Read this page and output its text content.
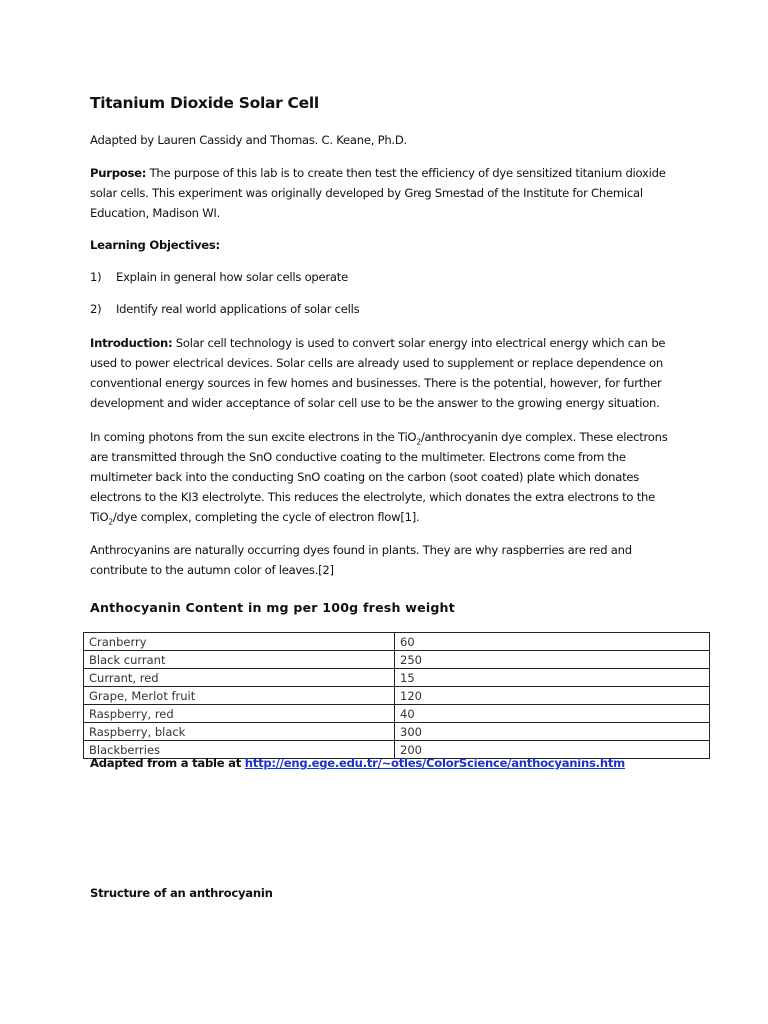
Titanium Dioxide Solar Cell

Adapted by Lauren Cassidy and Thomas. C. Keane, Ph.D.

Purpose: The purpose of this lab is to create then test the efficiency of dye sensitized titanium dioxide solar cells. This experiment was originally developed by Greg Smestad of the Institute for Chemical Education, Madison WI.

Learning Objectives:

1) Explain in general how solar cells operate

2) Identify real world applications of solar cells

Introduction: Solar cell technology is used to convert solar energy into electrical energy which can be used to power electrical devices. Solar cells are already used to supplement or replace dependence on conventional energy sources in few homes and businesses. There is the potential, however, for further development and wider acceptance of solar cell use to be the answer to the growing energy situation.

In coming photons from the sun excite electrons in the TiO$_2$/anthrocyanin dye complex. These electrons are transmitted through the SnO conductive coating to the multimeter. Electrons come from the multimeter back into the conducting SnO coating on the carbon (soot coated) plate which donates electrons to the KI3 electrolyte. This reduces the electrolyte, which donates the extra electrons to the TiO$_2$/dye complex, completing the cycle of electron flow[1].

Anthrocyanins are naturally occurring dyes found in plants. They are why raspberries are red and contribute to the autumn color of leaves.[2]

Anthocyanin Content in mg per 100g fresh weight

Cranberry	60
Black currant	250
Currant, red	15
Grape, Merlot fruit	120
Raspberry, red	40
Raspberry, black	300
Blackberries	200

Adapted from a table at http://eng.ege.edu.tr/~otles/ColorScience/anthocyanins.htm

Structure of an anthrocyanin
